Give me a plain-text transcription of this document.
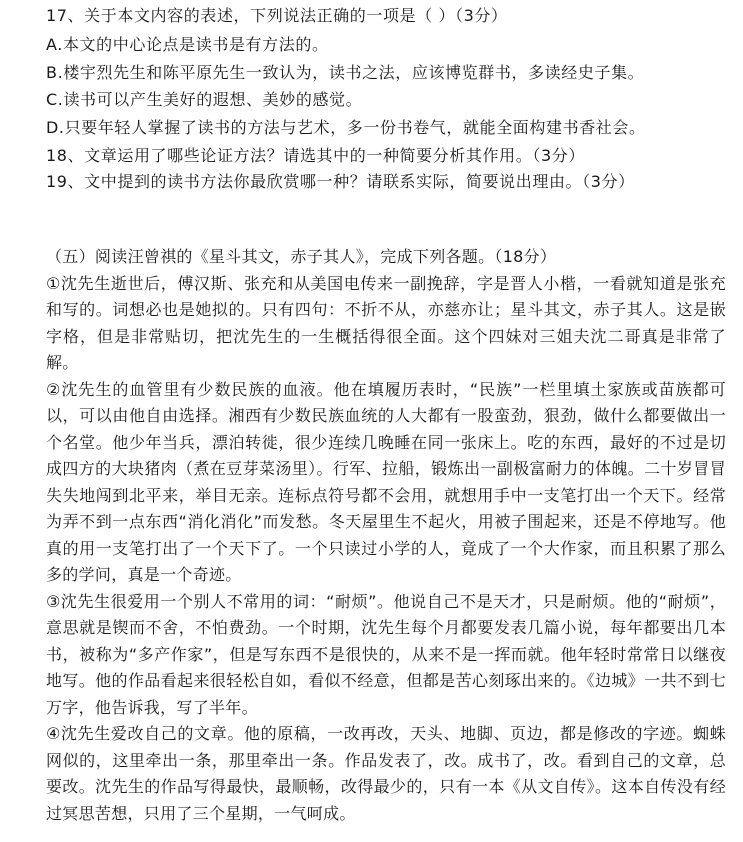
17、关于本文内容的表述，下列说法正确的一项是（ ）（3分）
A.本文的中心论点是读书是有方法的。
B.楼宇烈先生和陈平原先生一致认为，读书之法，应该博览群书，多读经史子集。
C.读书可以产生美好的遐想、美妙的感觉。
D.只要年轻人掌握了读书的方法与艺术，多一份书卷气，就能全面构建书香社会。
18、文章运用了哪些论证方法？请选其中的一种简要分析其作用。（3分）
19、文中提到的读书方法你最欣赏哪一种？请联系实际，简要说出理由。（3分）

（五）阅读汪曾祺的《星斗其文，赤子其人》，完成下列各题。（18分）

①沈先生逝世后，傅汉斯、张充和从美国电传来一副挽辞，字是晋人小楷，一看就知道是张充和写的。词想必也是她拟的。只有四句：不折不从，亦慈亦让；星斗其文，赤子其人。这是嵌字格，但是非常贴切，把沈先生的一生概括得很全面。这个四妹对三姐夫沈二哥真是非常了解。

②沈先生的血管里有少数民族的血液。他在填履历表时，“民族”一栏里填土家族或苗族都可以，可以由他自由选择。湘西有少数民族血统的人大都有一股蛮劲，狠劲，做什么都要做出一个名堂。他少年当兵，漂泊转徙，很少连续几晚睡在同一张床上。吃的东西，最好的不过是切成四方的大块猪肉（煮在豆芽菜汤里）。行军、拉船，锻炼出一副极富耐力的体魄。二十岁冒冒失失地闯到北平来，举目无亲。连标点符号都不会用，就想用手中一支笔打出一个天下。经常为弄不到一点东西“消化消化”而发愁。冬天屋里生不起火，用被子围起来，还是不停地写。他真的用一支笔打出了一个天下了。一个只读过小学的人，竟成了一个大作家，而且积累了那么多的学问，真是一个奇迹。

③沈先生很爱用一个别人不常用的词：“耐烦”。他说自己不是天才，只是耐烦。他的“耐烦”，意思就是锲而不舍，不怕费劲。一个时期，沈先生每个月都要发表几篇小说，每年都要出几本书，被称为“多产作家”，但是写东西不是很快的，从来不是一挥而就。他年轻时常常日以继夜地写。他的作品看起来很轻松自如，看似不经意，但都是苦心刻琢出来的。《边城》一共不到七万字，他告诉我，写了半年。

④沈先生爱改自己的文章。他的原稿，一改再改，天头、地脚、页边，都是修改的字迹。蜘蛛网似的，这里牵出一条，那里牵出一条。作品发表了，改。成书了，改。看到自己的文章，总要改。沈先生的作品写得最快，最顺畅，改得最少的，只有一本《从文自传》。这本自传没有经过冥思苦想，只用了三个星期，一气呵成。
